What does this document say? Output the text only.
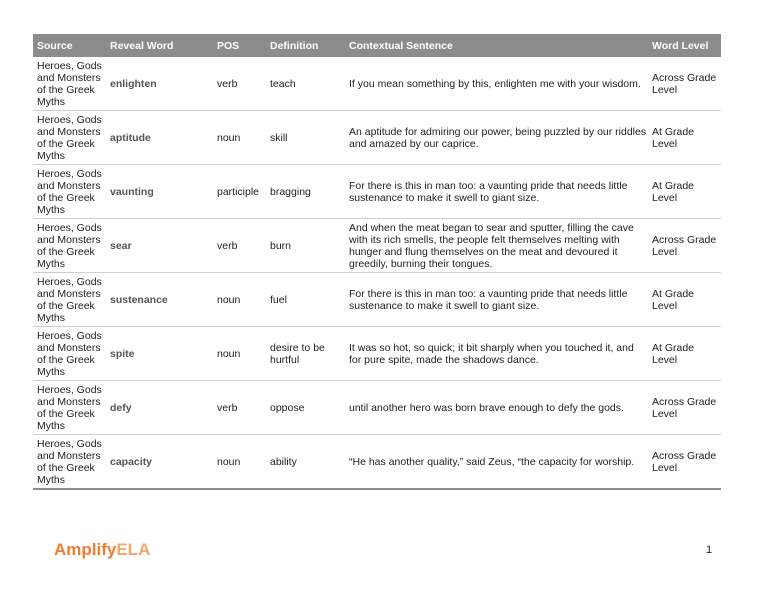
Source	Reveal Word	POS	Definition	Contextual Sentence	Word Level
Heroes, Gods and Monsters of the Greek Myths	enlighten	verb	teach	If you mean something by this, enlighten me with your wisdom.	Across Grade Level
Heroes, Gods and Monsters of the Greek Myths	aptitude	noun	skill	An aptitude for admiring our power, being puzzled by our riddles and amazed by our caprice.	At Grade Level
Heroes, Gods and Monsters of the Greek Myths	vaunting	participle	bragging	For there is this in man too: a vaunting pride that needs little sustenance to make it swell to giant size.	At Grade Level
Heroes, Gods and Monsters of the Greek Myths	sear	verb	burn	And when the meat began to sear and sputter, filling the cave with its rich smells, the people felt themselves melting with hunger and flung themselves on the meat and devoured it greedily, burning their tongues.	Across Grade Level
Heroes, Gods and Monsters of the Greek Myths	sustenance	noun	fuel	For there is this in man too: a vaunting pride that needs little sustenance to make it swell to giant size.	At Grade Level
Heroes, Gods and Monsters of the Greek Myths	spite	noun	desire to be hurtful	It was so hot, so quick; it bit sharply when you touched it, and for pure spite, made the shadows dance.	At Grade Level
Heroes, Gods and Monsters of the Greek Myths	defy	verb	oppose	until another hero was born brave enough to defy the gods.	Across Grade Level
Heroes, Gods and Monsters of the Greek Myths	capacity	noun	ability	“He has another quality,” said Zeus, “the capacity for worship.	Across Grade Level
AmplifyELA	1
